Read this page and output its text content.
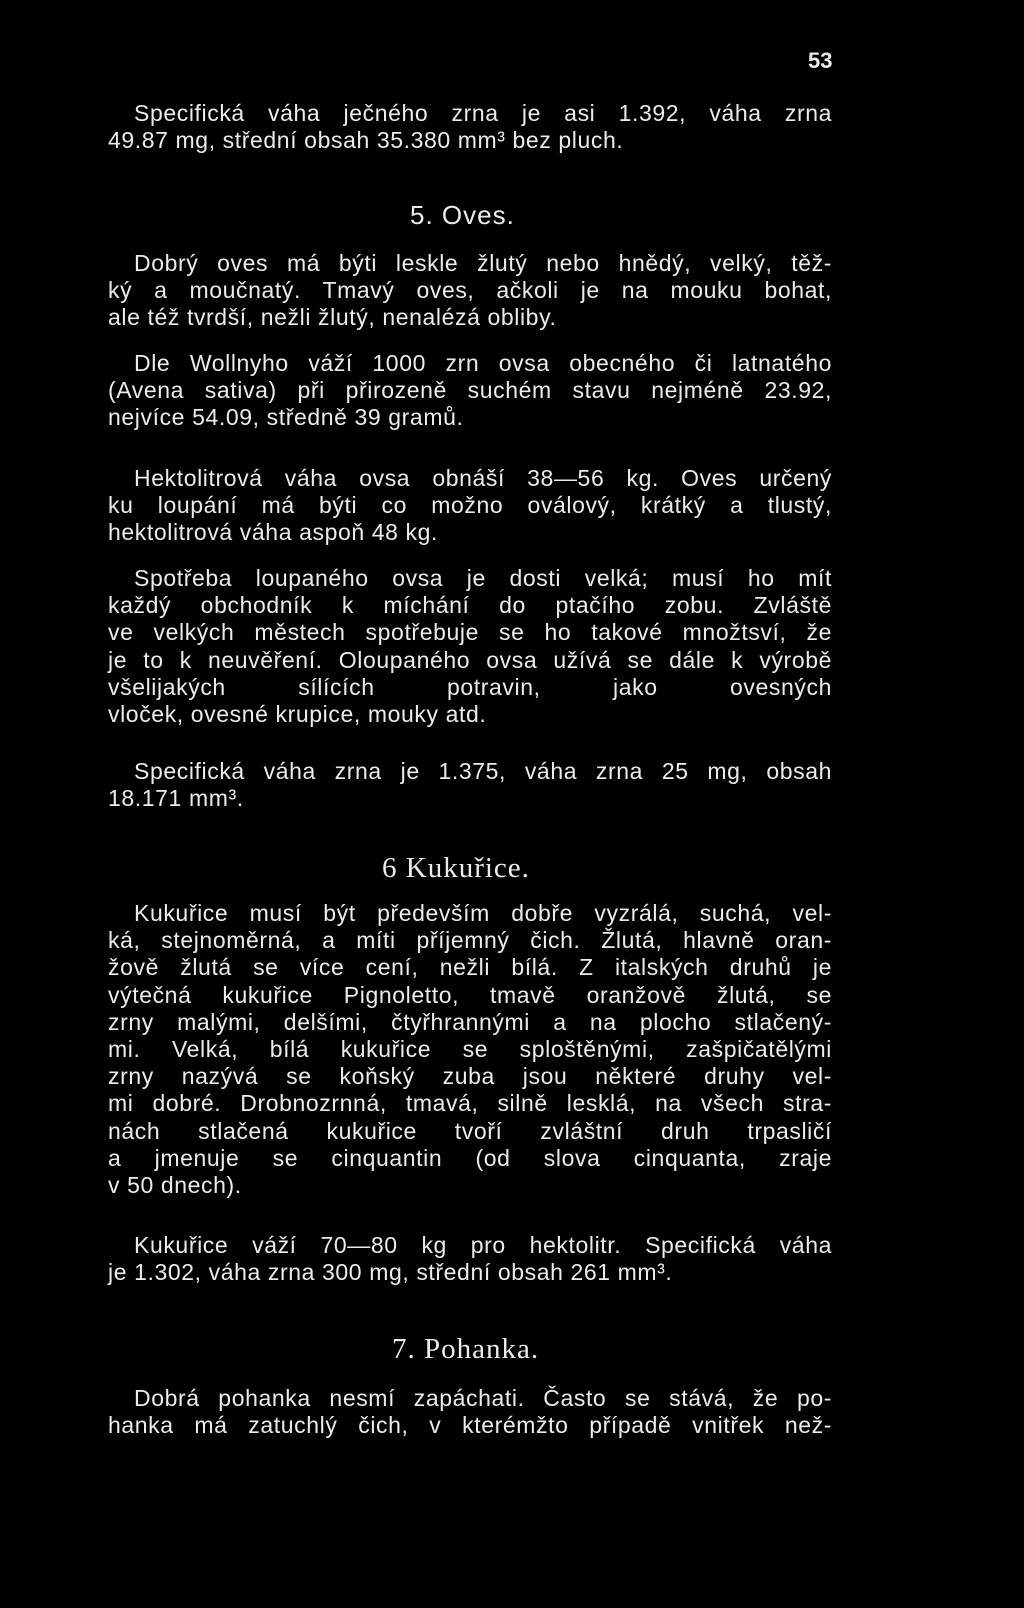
53
Specifická váha ječného zrna je asi 1.392, váha zrna
49.87 mg, střední obsah 35.380 mm³ bez pluch.
5. Oves.
Dobrý oves má býti leskle žlutý nebo hnědý, velký, těž-
ký a moučnatý. Tmavý oves, ačkoli je na mouku bohat,
ale též tvrdší, nežli žlutý, nenalézá obliby.
Dle Wollnyho váží 1000 zrn ovsa obecného či latnatého
(Avena sativa) při přirozeně suchém stavu nejméně 23.92,
nejvíce 54.09, středně 39 gramů.
Hektolitrová váha ovsa obnáší 38—56 kg. Oves určený
ku loupání má býti co možno oválový, krátký a tlustý,
hektolitrová váha aspoň 48 kg.
Spotřeba loupaného ovsa je dosti velká; musí ho mít
každý obchodník k míchání do ptačího zobu. Zvláště
ve velkých městech spotřebuje se ho takové množtsví, že
je to k neuvěření. Oloupaného ovsa užívá se dále k výrobě
všelijakých sílících potravin, jako ovesných
vloček, ovesné krupice, mouky atd.
Specifická váha zrna je 1.375, váha zrna 25 mg, obsah
18.171 mm³.
6 Kukuřice.
Kukuřice musí být především dobře vyzrálá, suchá, vel-
ká, stejnoměrná, a míti příjemný čich. Žlutá, hlavně oran-
žově žlutá se více cení, nežli bílá. Z italských druhů je
výtečná kukuřice Pignoletto, tmavě oranžově žlutá, se
zrny malými, delšími, čtyřhrannými a na plocho stlačený-
mi. Velká, bílá kukuřice se sploštěnými, zašpičatělými
zrny nazývá se koňský zuba jsou některé druhy vel-
mi dobré. Drobnozrnná, tmavá, silně lesklá, na všech stra-
nách stlačená kukuřice tvoří zvláštní druh trpasličí
a jmenuje se cinquantin (od slova cinquanta, zraje
v 50 dnech).
Kukuřice váží 70—80 kg pro hektolitr. Specifická váha
je 1.302, váha zrna 300 mg, střední obsah 261 mm³.
7. Pohanka.
Dobrá pohanka nesmí zapáchati. Často se stává, že po-
hanka má zatuchlý čich, v kterémžto případě vnitřek než-
